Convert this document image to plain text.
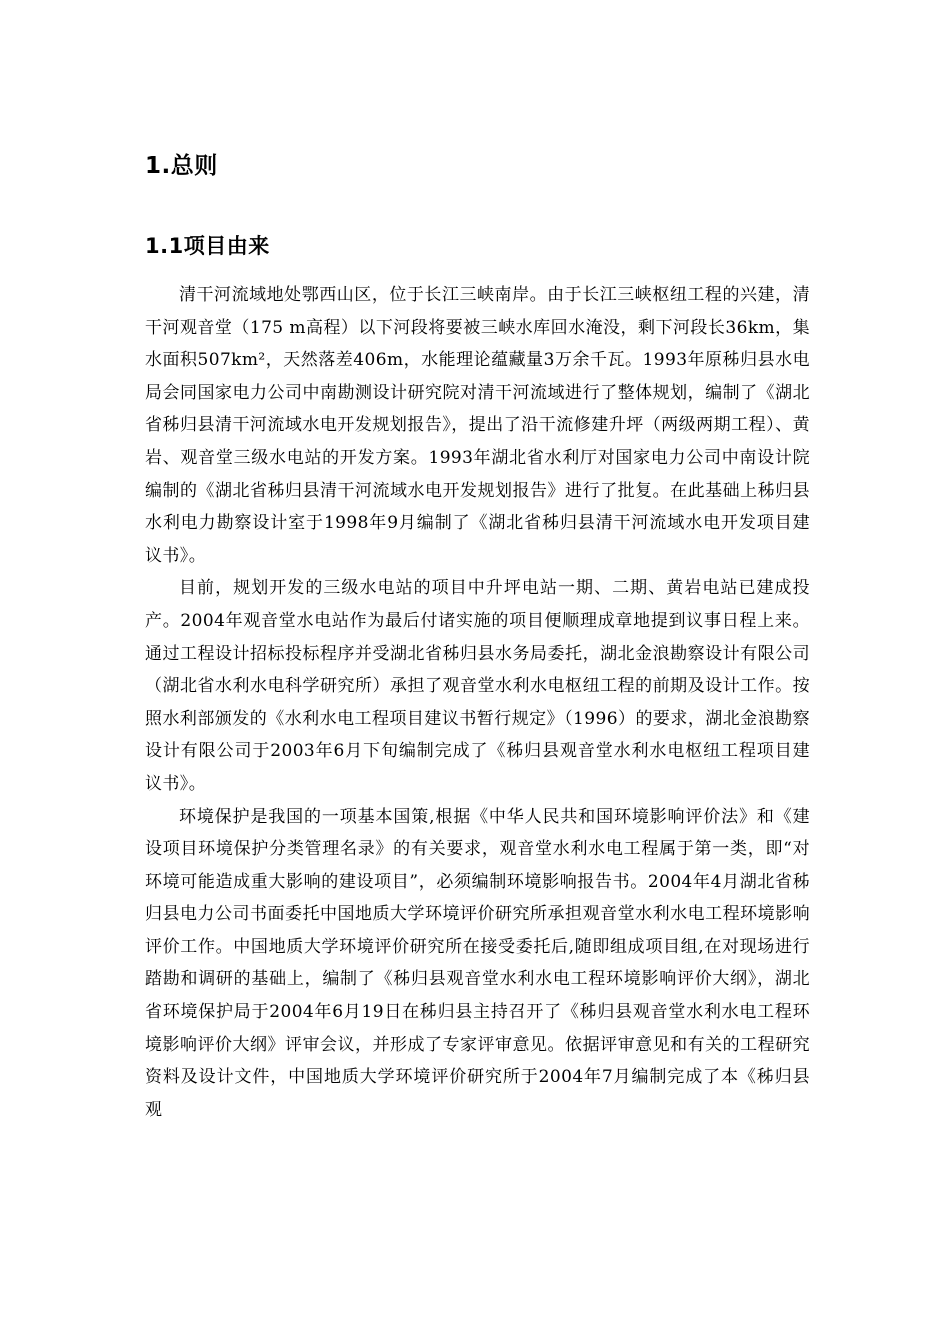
1.总则
1.1项目由来

清干河流域地处鄂西山区，位于长江三峡南岸。由于长江三峡枢纽工程的兴建，清干河观音堂（175 m高程）以下河段将要被三峡水库回水淹没，剩下河段长36km，集水面积507km²，天然落差406m，水能理论蕴藏量3万余千瓦。1993年原秭归县水电局会同国家电力公司中南勘测设计研究院对清干河流域进行了整体规划，编制了《湖北省秭归县清干河流域水电开发规划报告》，提出了沿干流修建升坪（两级两期工程）、黄岩、观音堂三级水电站的开发方案。1993年湖北省水利厅对国家电力公司中南设计院编制的《湖北省秭归县清干河流域水电开发规划报告》进行了批复。在此基础上秭归县水利电力勘察设计室于1998年9月编制了《湖北省秭归县清干河流域水电开发项目建议书》。

目前，规划开发的三级水电站的项目中升坪电站一期、二期、黄岩电站已建成投产。2004年观音堂水电站作为最后付诸实施的项目便顺理成章地提到议事日程上来。通过工程设计招标投标程序并受湖北省秭归县水务局委托，湖北金浪勘察设计有限公司（湖北省水利水电科学研究所）承担了观音堂水利水电枢纽工程的前期及设计工作。按照水利部颁发的《水利水电工程项目建议书暂行规定》（1996）的要求，湖北金浪勘察设计有限公司于2003年6月下旬编制完成了《秭归县观音堂水利水电枢纽工程项目建议书》。

环境保护是我国的一项基本国策,根据《中华人民共和国环境影响评价法》和《建设项目环境保护分类管理名录》的有关要求，观音堂水利水电工程属于第一类，即“对环境可能造成重大影响的建设项目”，必须编制环境影响报告书。2004年4月湖北省秭归县电力公司书面委托中国地质大学环境评价研究所承担观音堂水利水电工程环境影响评价工作。中国地质大学环境评价研究所在接受委托后,随即组成项目组,在对现场进行踏勘和调研的基础上，编制了《秭归县观音堂水利水电工程环境影响评价大纲》，湖北省环境保护局于2004年6月19日在秭归县主持召开了《秭归县观音堂水利水电工程环境影响评价大纲》评审会议，并形成了专家评审意见。依据评审意见和有关的工程研究资料及设计文件，中国地质大学环境评价研究所于2004年7月编制完成了本《秭归县观
